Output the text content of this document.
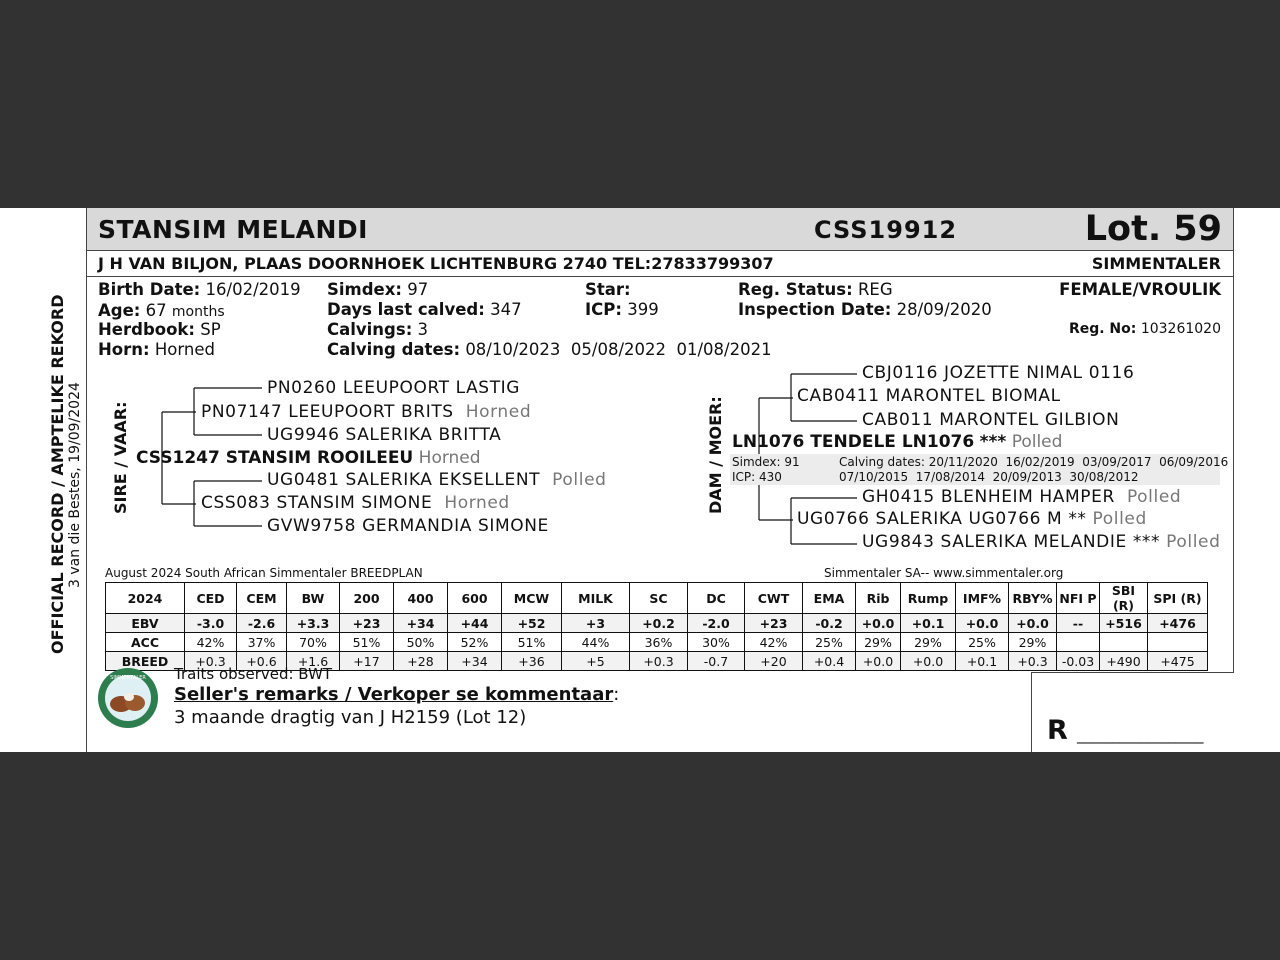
OFFICIAL RECORD / AMPTELIKE REKORD 3 van die Bestes, 19/09/2024
STANSIM MELANDI	CSS19912	Lot. 59
J H VAN BILJON, PLAAS DOORNHOEK LICHTENBURG 2740 TEL:27833799307	SIMMENTALER
Birth Date: 16/02/2019
Age: 67 months
Herdbook: SP
Horn: Horned
Simdex: 97
Days last calved: 347
Calvings: 3
Calving dates: 08/10/2023  05/08/2022  01/08/2021
Star:
ICP: 399
Reg. Status: REG
Inspection Date: 28/09/2020
FEMALE/VROULIK
Reg. No: 103261020
SIRE / VAAR:
PN0260 LEEUPOORT LASTIG
PN07147 LEEUPOORT BRITS Horned
UG9946 SALERIKA BRITTA
CSS1247 STANSIM ROOILEEU Horned
UG0481 SALERIKA EKSELLENT Polled
CSS083 STANSIM SIMONE Horned
GVW9758 GERMANDIA SIMONE
DAM / MOER:
CBJ0116 JOZETTE NIMAL 0116
CAB0411 MARONTEL BIOMAL
CAB011 MARONTEL GILBION
LN1076 TENDELE LN1076 *** Polled
Simdex: 91
ICP: 430
Calving dates: 20/11/2020  16/02/2019  03/09/2017  06/09/2016
07/10/2015  17/08/2014  20/09/2013  30/08/2012
GH0415 BLENHEIM HAMPER Polled
UG0766 SALERIKA UG0766 M ** Polled
UG9843 SALERIKA MELANDIE *** Polled
August 2024 South African Simmentaler BREEDPLAN	Simmentaler SA-- www.simmentaler.org
2024	CED	CEM	BW	200	400	600	MCW	MILK	SC	DC	CWT	EMA	Rib	Rump	IMF%	RBY%	NFI P	SBI (R)	SPI (R)
EBV	-3.0	-2.6	+3.3	+23	+34	+44	+52	+3	+0.2	-2.0	+23	-0.2	+0.0	+0.1	+0.0	+0.0	--	+516	+476
ACC	42%	37%	70%	51%	50%	52%	51%	44%	36%	30%	42%	25%	29%	29%	25%	29%			
BREED	+0.3	+0.6	+1.6	+17	+28	+34	+36	+5	+0.3	-0.7	+20	+0.4	+0.0	+0.0	+0.1	+0.3	-0.03	+490	+475
SIMMENTALER Traits observed: BWT
Seller's remarks / Verkoper se kommentaar:
3 maande dragtig van J H2159 (Lot 12)	R __________________
